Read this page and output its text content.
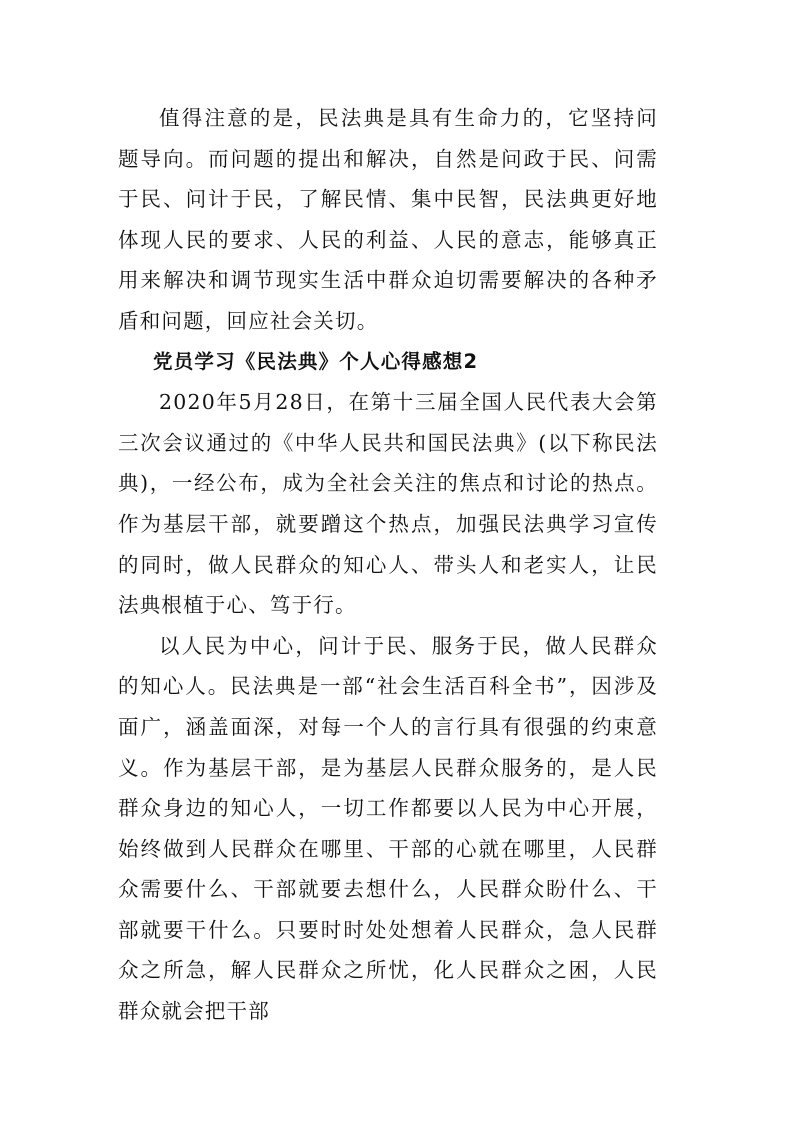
值得注意的是，民法典是具有生命力的，它坚持问题导向。而问题的提出和解决，自然是问政于民、问需于民、问计于民，了解民情、集中民智，民法典更好地体现人民的要求、人民的利益、人民的意志，能够真正用来解决和调节现实生活中群众迫切需要解决的各种矛盾和问题，回应社会关切。

党员学习《民法典》个人心得感想2

2020年5月28日，在第十三届全国人民代表大会第三次会议通过的《中华人民共和国民法典》(以下称民法典)，一经公布，成为全社会关注的焦点和讨论的热点。作为基层干部，就要蹭这个热点，加强民法典学习宣传的同时，做人民群众的知心人、带头人和老实人，让民法典根植于心、笃于行。

以人民为中心，问计于民、服务于民，做人民群众的知心人。民法典是一部“社会生活百科全书”，因涉及面广，涵盖面深，对每一个人的言行具有很强的约束意义。作为基层干部，是为基层人民群众服务的，是人民群众身边的知心人，一切工作都要以人民为中心开展，始终做到人民群众在哪里、干部的心就在哪里，人民群众需要什么、干部就要去想什么，人民群众盼什么、干部就要干什么。只要时时处处想着人民群众，急人民群众之所急，解人民群众之所忧，化人民群众之困，人民群众就会把干部
